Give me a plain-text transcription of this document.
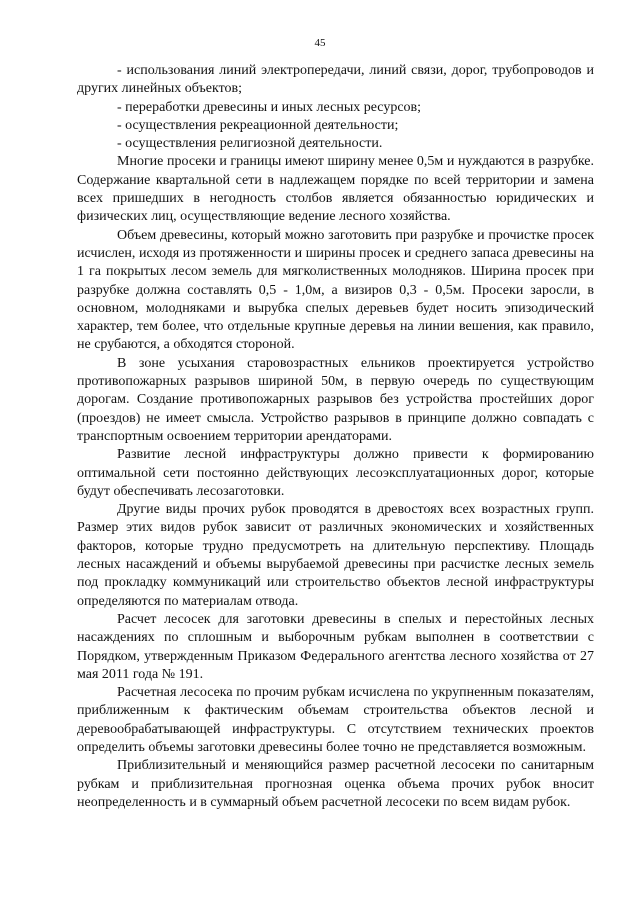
45

- использования линий электропередачи, линий связи, дорог, трубопроводов и других линейных объектов;

- переработки древесины и иных лесных ресурсов;

- осуществления рекреационной деятельности;

- осуществления религиозной деятельности.

Многие просеки и границы имеют ширину менее 0,5м и нуждаются в разрубке. Содержание квартальной сети в надлежащем порядке по всей территории и замена всех пришедших в негодность столбов является обязанностью юридических и физических лиц, осуществляющие ведение лесного хозяйства.

Объем древесины, который можно заготовить при разрубке и прочистке просек исчислен, исходя из протяженности и ширины просек и среднего запаса древесины на 1 га покрытых лесом земель для мягколиственных молодняков. Ширина просек при разрубке должна составлять 0,5 - 1,0м, а визиров 0,3 - 0,5м. Просеки заросли, в основном, молодняками и вырубка спелых деревьев будет носить эпизодический характер, тем более, что отдельные крупные деревья на линии вешения, как правило, не срубаются, а обходятся стороной.

В зоне усыхания старовозрастных ельников проектируется устройство противопожарных разрывов шириной 50м, в первую очередь по существующим дорогам. Создание противопожарных разрывов без устройства простейших дорог (проездов) не имеет смысла. Устройство разрывов в принципе должно совпадать с транспортным освоением территории арендаторами.

Развитие лесной инфраструктуры должно привести к формированию оптимальной сети постоянно действующих лесоэксплуатационных дорог, которые будут обеспечивать лесозаготовки.

Другие виды прочих рубок проводятся в древостоях всех возрастных групп. Размер этих видов рубок зависит от различных экономических и хозяйственных факторов, которые трудно предусмотреть на длительную перспективу. Площадь лесных насаждений и объемы вырубаемой древесины при расчистке лесных земель под прокладку коммуникаций или строительство объектов лесной инфраструктуры определяются по материалам отвода.

Расчет лесосек для заготовки древесины в спелых и перестойных лесных насаждениях по сплошным и выборочным рубкам выполнен в соответствии с Порядком, утвержденным Приказом Федерального агентства лесного хозяйства от 27 мая 2011 года № 191.

Расчетная лесосека по прочим рубкам исчислена по укрупненным показателям, приближенным к фактическим объемам строительства объектов лесной и деревообрабатывающей инфраструктуры. С отсутствием технических проектов определить объемы заготовки древесины более точно не представляется возможным.

Приблизительный и меняющийся размер расчетной лесосеки по санитарным рубкам и приблизительная прогнозная оценка объема прочих рубок вносит неопределенность и в суммарный объем расчетной лесосеки по всем видам рубок.
